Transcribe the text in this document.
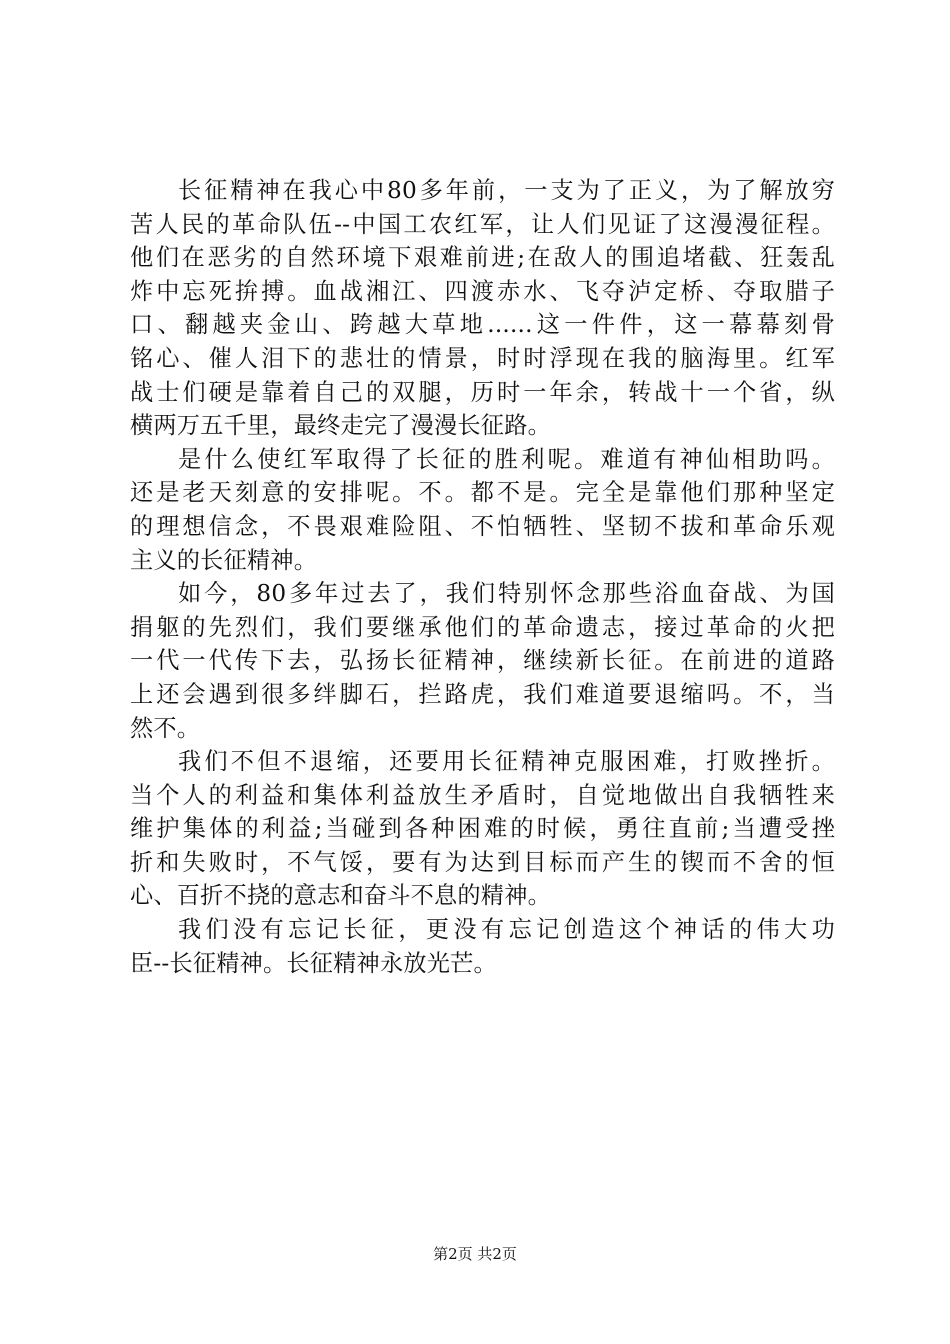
长征精神在我心中80多年前，一支为了正义，为了解放穷
苦人民的革命队伍--中国工农红军，让人们见证了这漫漫征程。
他们在恶劣的自然环境下艰难前进;在敌人的围追堵截、狂轰乱
炸中忘死拚搏。血战湘江、四渡赤水、飞夺泸定桥、夺取腊子
口、翻越夹金山、跨越大草地......这一件件，这一幕幕刻骨
铭心、催人泪下的悲壮的情景，时时浮现在我的脑海里。红军
战士们硬是靠着自己的双腿，历时一年余，转战十一个省，纵
横两万五千里，最终走完了漫漫长征路。
是什么使红军取得了长征的胜利呢。难道有神仙相助吗。
还是老天刻意的安排呢。不。都不是。完全是靠他们那种坚定
的理想信念，不畏艰难险阻、不怕牺牲、坚韧不拔和革命乐观
主义的长征精神。
如今，80多年过去了，我们特别怀念那些浴血奋战、为国
捐躯的先烈们，我们要继承他们的革命遗志，接过革命的火把
一代一代传下去，弘扬长征精神，继续新长征。在前进的道路
上还会遇到很多绊脚石，拦路虎，我们难道要退缩吗。不，当
然不。
我们不但不退缩，还要用长征精神克服困难，打败挫折。
当个人的利益和集体利益放生矛盾时，自觉地做出自我牺牲来
维护集体的利益;当碰到各种困难的时候，勇往直前;当遭受挫
折和失败时，不气馁，要有为达到目标而产生的锲而不舍的恒
心、百折不挠的意志和奋斗不息的精神。
我们没有忘记长征，更没有忘记创造这个神话的伟大功
臣--长征精神。长征精神永放光芒。
第2页 共2页
